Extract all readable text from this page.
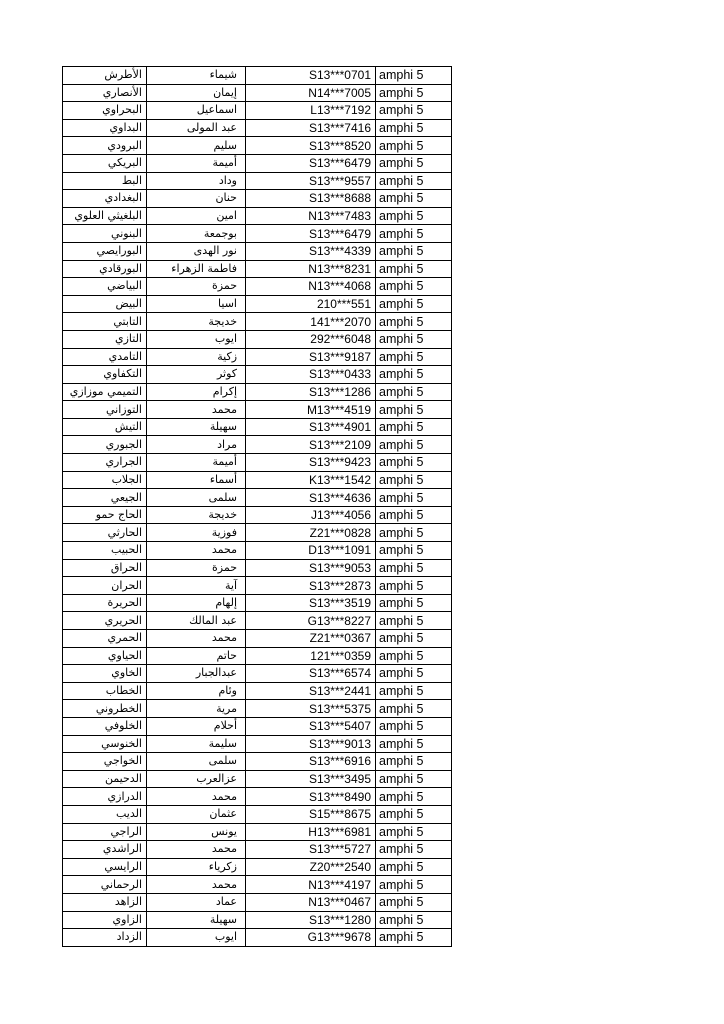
الأطرش	شيماء	S13***0701	amphi 5
الأنصاري	إيمان	N14***7005	amphi 5
البحراوي	اسماعيل	L13***7192	amphi 5
البداوي	عبد المولى	S13***7416	amphi 5
البرودي	سليم	S13***8520	amphi 5
البريكي	أميمة	S13***6479	amphi 5
البط	وداد	S13***9557	amphi 5
البغدادي	حنان	S13***8688	amphi 5
البلغيثي العلوي	امين	N13***7483	amphi 5
البنوني	بوجمعة	S13***6479	amphi 5
البورايصي	نور الهدى	S13***4339	amphi 5
البورقادي	فاطمة الزهراء	N13***8231	amphi 5
البياضي	حمزة	N13***4068	amphi 5
البيض	اسيا	210***551	amphi 5
التابتي	خديجة	141***2070	amphi 5
التازي	ايوب	292***6048	amphi 5
التامدي	زكية	S13***9187	amphi 5
التكفاوي	كوثر	S13***0433	amphi 5
التميمي موزازي	إكرام	S13***1286	amphi 5
التوزاني	محمد	M13***4519	amphi 5
التيش	سهيلة	S13***4901	amphi 5
الجبوري	مراد	S13***2109	amphi 5
الجراري	أميمة	S13***9423	amphi 5
الجلاب	أسماء	K13***1542	amphi 5
الجيعي	سلمى	S13***4636	amphi 5
الحاج حمو	خديجة	J13***4056	amphi 5
الحارثي	فوزية	Z21***0828	amphi 5
الحبيب	محمد	D13***1091	amphi 5
الحراق	حمزة	S13***9053	amphi 5
الحران	آية	S13***2873	amphi 5
الحريرة	إلهام	S13***3519	amphi 5
الحريري	عبد المالك	G13***8227	amphi 5
الحمري	محمد	Z21***0367	amphi 5
الحياوي	حاتم	121***0359	amphi 5
الخاوي	عبدالجبار	S13***6574	amphi 5
الخطاب	وئام	S13***2441	amphi 5
الخطروني	مرية	S13***5375	amphi 5
الخلوفي	أحلام	S13***5407	amphi 5
الخنوسي	سليمة	S13***9013	amphi 5
الخواجي	سلمى	S13***6916	amphi 5
الدحيمن	عزالعرب	S13***3495	amphi 5
الدرازي	محمد	S13***8490	amphi 5
الديب	عثمان	S15***8675	amphi 5
الراجي	يونس	H13***6981	amphi 5
الراشدي	محمد	S13***5727	amphi 5
الرايسي	زكرياء	Z20***2540	amphi 5
الرحماني	محمد	N13***4197	amphi 5
الزاهد	عماد	N13***0467	amphi 5
الزاوي	سهيلة	S13***1280	amphi 5
الزداد	ايوب	G13***9678	amphi 5
